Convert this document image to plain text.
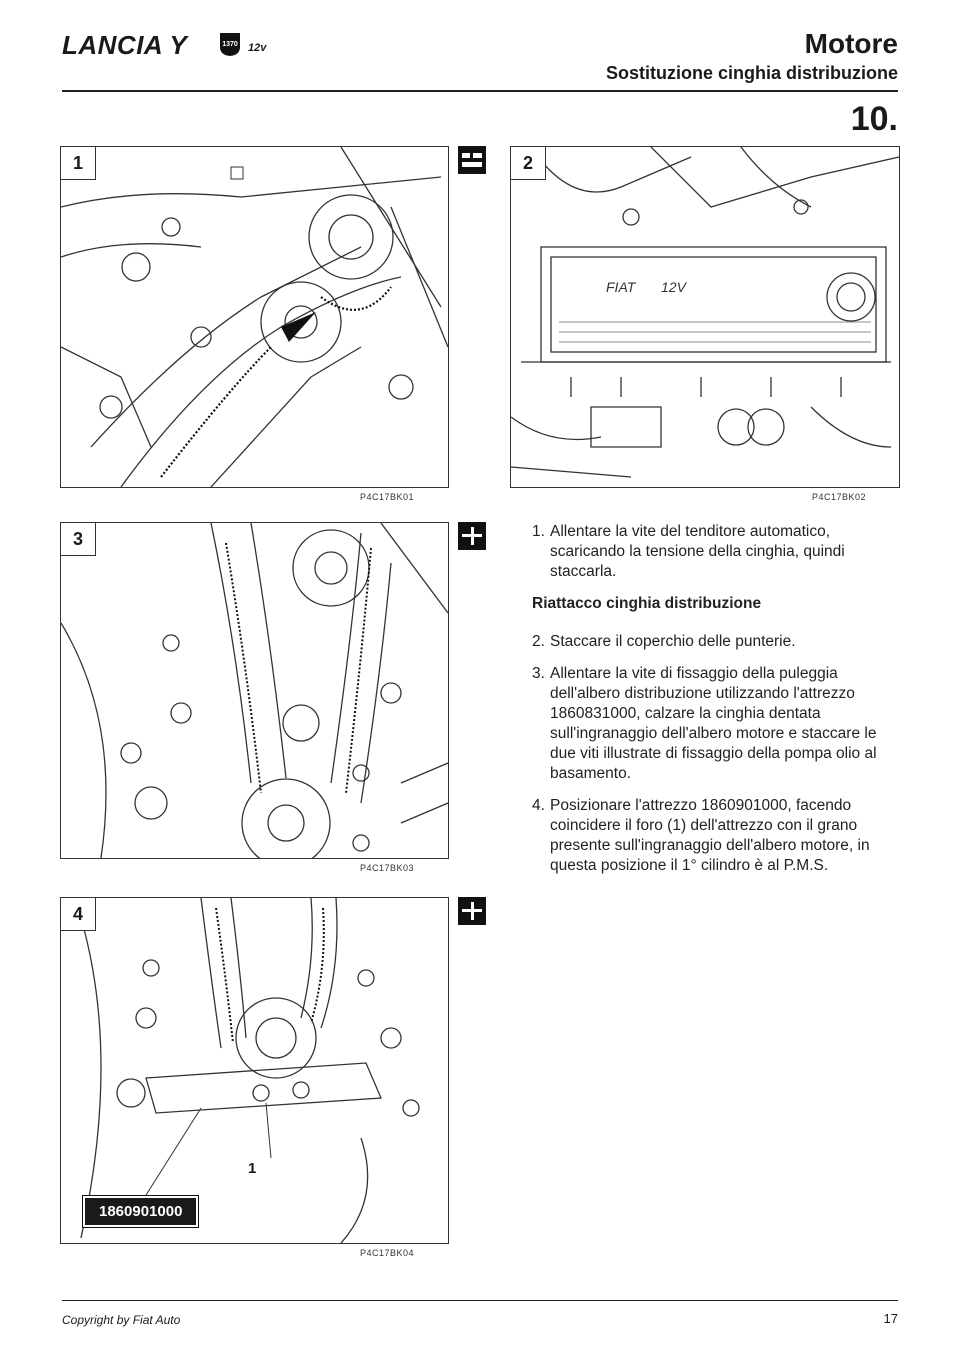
LANCIA Y	1370 12v	Motore
Sostituzione cinghia distribuzione
10.
1
P4C17BK01
FIAT 12V
2
P4C17BK02
3
P4C17BK03
4
1
1860901000
P4C17BK04
1. Allentare la vite del tenditore automatico, scaricando la tensione della cinghia, quindi staccarla.
Riattacco cinghia distribuzione
2. Staccare il coperchio delle punterie.
3. Allentare la vite di fissaggio della puleggia dell'albero distribuzione utilizzando l'attrezzo 1860831000, calzare la cinghia dentata sull'ingranaggio dell'albero motore e staccare le due viti illustrate di fissaggio della pompa olio al basamento.
4. Posizionare l'attrezzo 1860901000, facendo coincidere il foro (1) dell'attrezzo con il grano presente sull'ingranaggio dell'albero motore, in questa posizione il 1° cilindro è al P.M.S.
Copyright by Fiat Auto	17
